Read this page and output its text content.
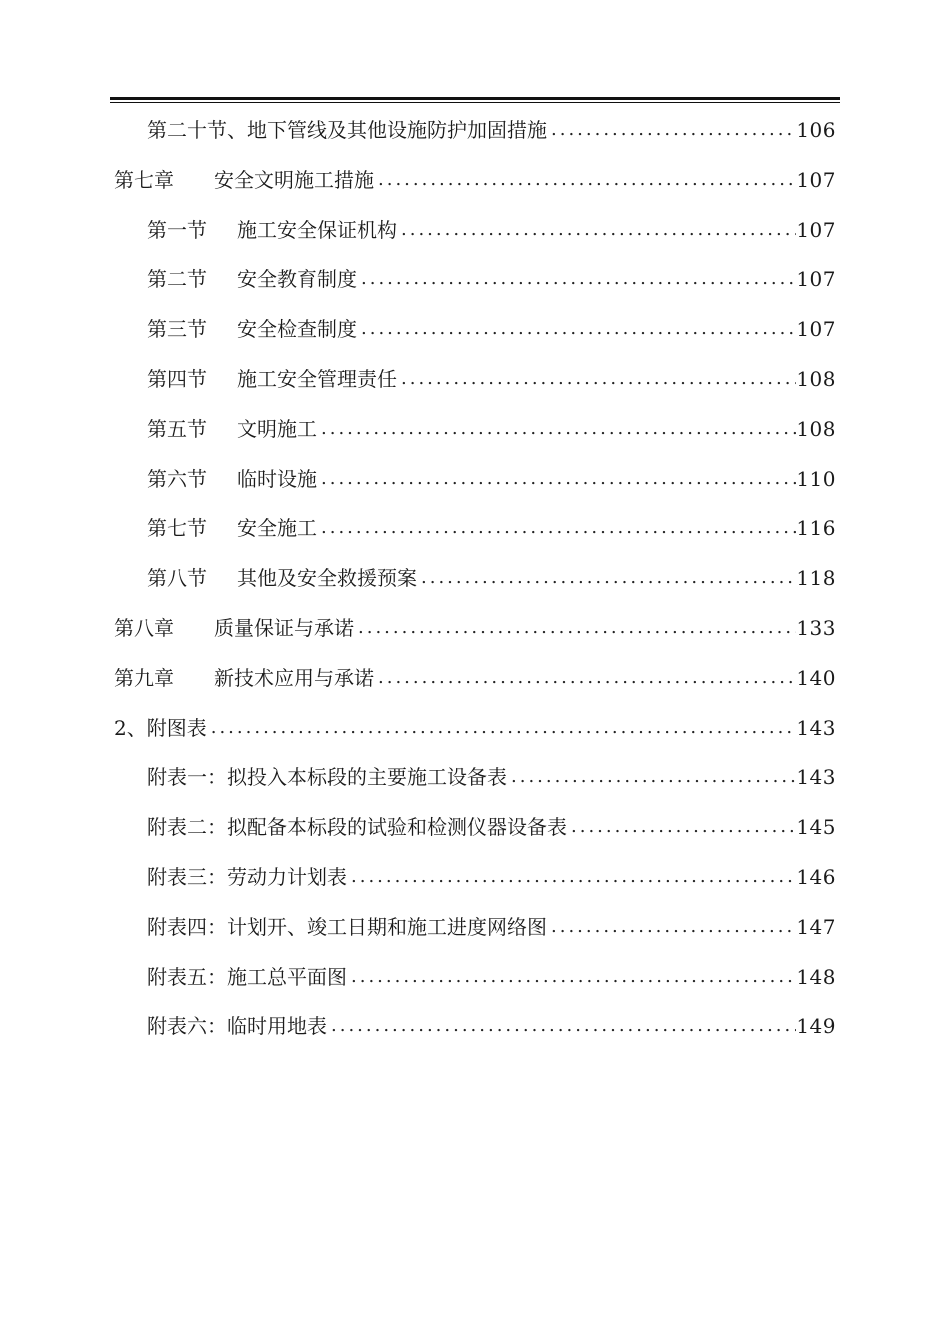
第二十节、地下管线及其他设施防护加固措施 .....	106
第七章	安全文明施工措施 .....	107
第一节	施工安全保证机构 .....	107
第二节	安全教育制度 .....	107
第三节	安全检查制度 .....	107
第四节	施工安全管理责任 .....	108
第五节	文明施工 .....	108
第六节	临时设施 .....	110
第七节	安全施工 .....	116
第八节	其他及安全救援预案 .....	118
第八章	质量保证与承诺 .....	133
第九章	新技术应用与承诺 .....	140
2、附图表 .....	143
附表一：拟投入本标段的主要施工设备表 .....	143
附表二：拟配备本标段的试验和检测仪器设备表 .....	145
附表三：劳动力计划表 .....	146
附表四：计划开、竣工日期和施工进度网络图 .....	147
附表五：施工总平面图 .....	148
附表六：临时用地表 .....	149
